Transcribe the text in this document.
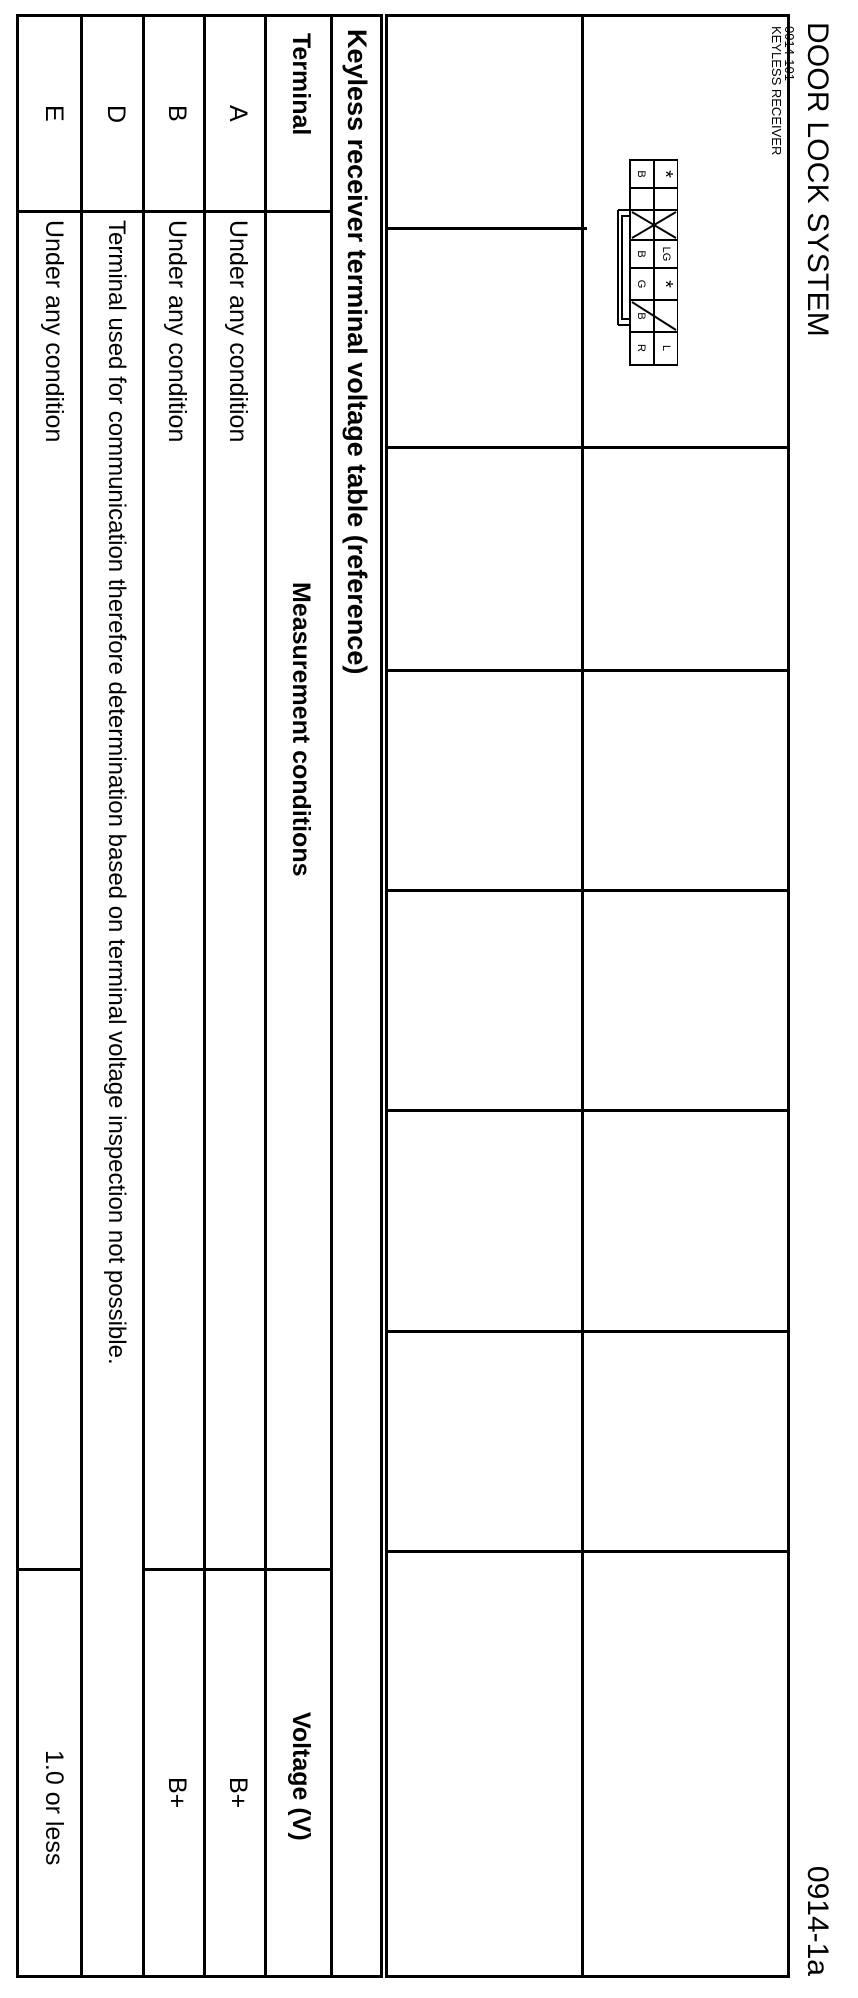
DOOR LOCK SYSTEM
0914-1a
0914-101
KEYLESS RECEIVER
*
LG
*
L
B
B
G
B
R
Keyless receiver terminal voltage table (reference)
Terminal
Measurement conditions
Voltage (V)
A
Under any condition
B+
B
Under any condition
B+
D
Terminal used for communication therefore determination based on terminal voltage inspection not possible.
E
Under any condition
1.0 or less
